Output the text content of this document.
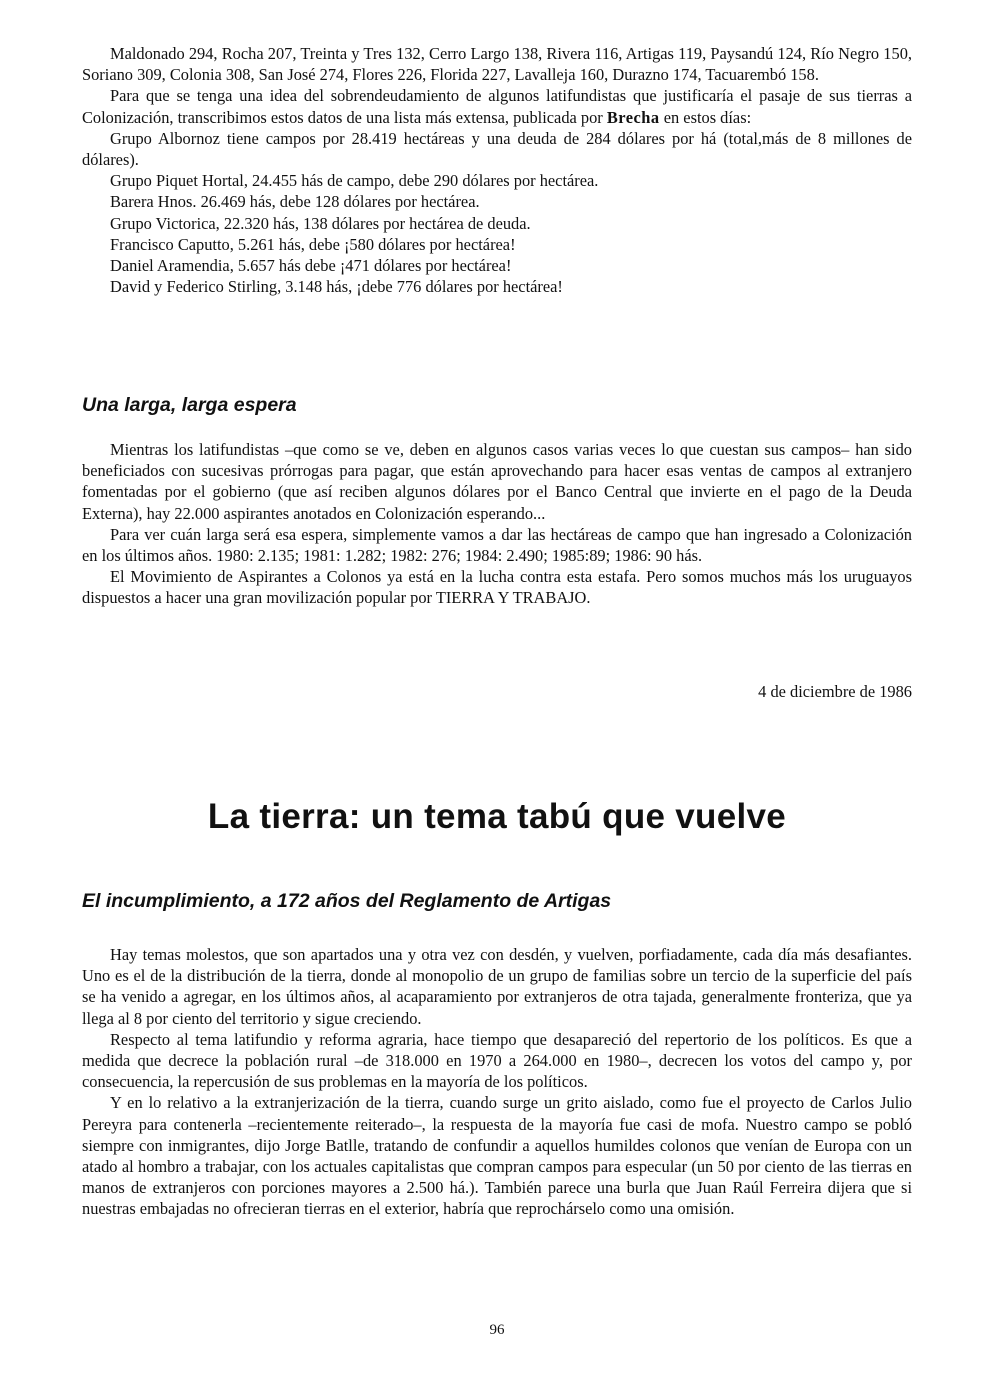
Maldonado 294, Rocha 207, Treinta y Tres 132, Cerro Largo 138, Rivera 116, Artigas 119, Paysandú 124, Río Negro 150, Soriano 309, Colonia 308, San José 274, Flores 226, Florida 227, Lavalleja 160, Durazno 174, Tacuarembó 158.

Para que se tenga una idea del sobrendeudamiento de algunos latifundistas que justificaría el pasaje de sus tierras a Colonización, transcribimos estos datos de una lista más extensa, publicada por Brecha en estos días:

Grupo Albornoz tiene campos por 28.419 hectáreas y una deuda de 284 dólares por há (total,más de 8 millones de dólares).

Grupo Piquet Hortal, 24.455 hás de campo, debe 290 dólares por hectárea.

Barera Hnos. 26.469 hás, debe 128 dólares por hectárea.

Grupo Victorica, 22.320 hás, 138 dólares por hectárea de deuda.

Francisco Caputto, 5.261 hás, debe ¡580 dólares por hectárea!

Daniel Aramendia, 5.657 hás debe ¡471 dólares por hectárea!

David y Federico Stirling, 3.148 hás, ¡debe 776 dólares por hectárea!

Una larga, larga espera

Mientras los latifundistas –que como se ve, deben en algunos casos varias veces lo que cuestan sus campos– han sido beneficiados con sucesivas prórrogas para pagar, que están aprovechando para hacer esas ventas de campos al extranjero fomentadas por el gobierno (que así reciben algunos dólares por el Banco Central que invierte en el pago de la Deuda Externa), hay 22.000 aspirantes anotados en Colonización esperando...

Para ver cuán larga será esa espera, simplemente vamos a dar las hectáreas de campo que han ingresado a Colonización en los últimos años. 1980: 2.135; 1981: 1.282; 1982: 276; 1984: 2.490; 1985:89; 1986: 90 hás.

El Movimiento de Aspirantes a Colonos ya está en la lucha contra esta estafa. Pero somos muchos más los uruguayos dispuestos a hacer una gran movilización popular por TIERRA Y TRABAJO.

4 de diciembre de 1986

La tierra: un tema tabú que vuelve
El incumplimiento, a 172 años del Reglamento de Artigas

Hay temas molestos, que son apartados una y otra vez con desdén, y vuelven, porfiadamente, cada día más desafiantes. Uno es el de la distribución de la tierra, donde al monopolio de un grupo de familias sobre un tercio de la superficie del país se ha venido a agregar, en los últimos años, al acaparamiento por extranjeros de otra tajada, generalmente fronteriza, que ya llega al 8 por ciento del territorio y sigue creciendo.

Respecto al tema latifundio y reforma agraria, hace tiempo que desapareció del repertorio de los políticos. Es que a medida que decrece la población rural –de 318.000 en 1970 a 264.000 en 1980–, decrecen los votos del campo y, por consecuencia, la repercusión de sus problemas en la mayoría de los políticos.

Y en lo relativo a la extranjerización de la tierra, cuando surge un grito aislado, como fue el proyecto de Carlos Julio Pereyra para contenerla –recientemente reiterado–, la respuesta de la mayoría fue casi de mofa. Nuestro campo se pobló siempre con inmigrantes, dijo Jorge Batlle, tratando de confundir a aquellos humildes colonos que venían de Europa con un atado al hombro a trabajar, con los actuales capitalistas que compran campos para especular (un 50 por ciento de las tierras en manos de extranjeros con porciones mayores a 2.500 há.). También parece una burla que Juan Raúl Ferreira dijera que si nuestras embajadas no ofrecieran tierras en el exterior, habría que reprochárselo como una omisión.

96
